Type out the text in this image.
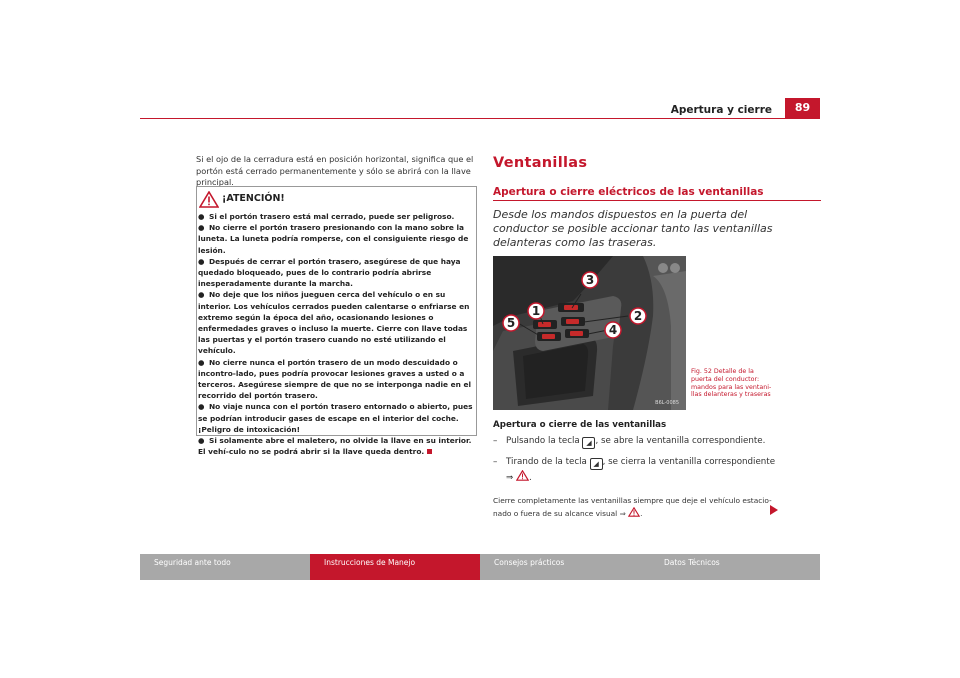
Apertura y cierre	89
Si el ojo de la cerradura está en posición horizontal, significa que el portón está cerrado permanentemente y sólo se abrirá con la llave principal.
¡ATENCIÓN!
● Si el portón trasero está mal cerrado, puede ser peligroso.
● No cierre el portón trasero presionando con la mano sobre la luneta. La luneta podría romperse, con el consiguiente riesgo de lesión.
● Después de cerrar el portón trasero, asegúrese de que haya quedado bloqueado, pues de lo contrario podría abrirse inesperadamente durante la marcha.
● No deje que los niños jueguen cerca del vehículo o en su interior. Los vehículos cerrados pueden calentarse o enfriarse en extremo según la época del año, ocasionando lesiones o enfermedades graves o incluso la muerte. Cierre con llave todas las puertas y el portón trasero cuando no esté utilizando el vehículo.
● No cierre nunca el portón trasero de un modo descuidado o incontro-lado, pues podría provocar lesiones graves a usted o a terceros. Asegúrese siempre de que no se interponga nadie en el recorrido del portón trasero.
● No viaje nunca con el portón trasero entornado o abierto, pues se podrían introducir gases de escape en el interior del coche. ¡Peligro de intoxicación!
● Si solamente abre el maletero, no olvide la llave en su interior. El vehí-culo no se podrá abrir si la llave queda dentro.
Ventanillas
Apertura o cierre eléctricos de las ventanillas
Desde los mandos dispuestos en la puerta del conductor se posible accionar tanto las ventanillas delanteras como las traseras.
3
1	2
4
5
B6L-0085
Fig. 52 Detalle de la
puerta del conductor:
mandos para las ventani-
llas delanteras y traseras
Apertura o cierre de las ventanillas
– Pulsando la tecla ◢ , se abre la ventanilla correspondiente.
– Tirando de la tecla ◢ , se cierra la ventanilla correspondiente
⇒ .
Cierre completamente las ventanillas siempre que deje el vehículo estacio-nado o fuera de su alcance visual ⇒ .
Seguridad ante todo	Instrucciones de Manejo	Consejos prácticos	Datos Técnicos
